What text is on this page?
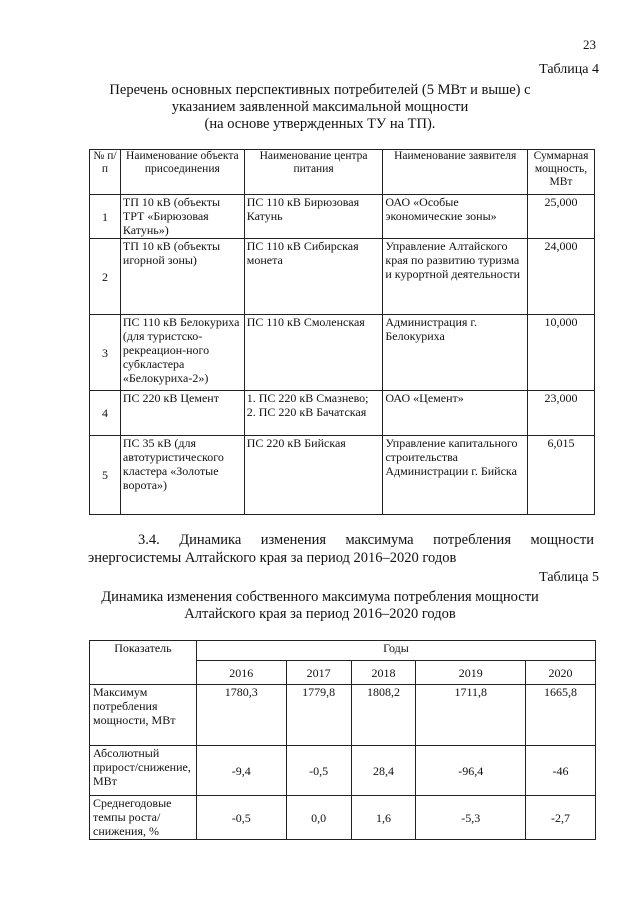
23
Таблица 4
Перечень основных перспективных потребителей (5 МВт и выше) с
указанием заявленной максимальной мощности
(на основе утвержденных ТУ на ТП).
№ п/п	Наименование объекта присоединения	Наименование центра питания	Наименование заявителя	Суммарная мощность, МВт
1	ТП 10 кВ (объекты ТРТ «Бирюзовая Катунь»)	ПС 110 кВ Бирюзовая Катунь	ОАО «Особые экономические зоны»	25,000
2	ТП 10 кВ (объекты игорной зоны)	ПС 110 кВ Сибирская монета	Управление Алтайского края по развитию туризма и курортной деятельности	24,000
3	ПС 110 кВ Белокуриха (для туристско-рекреацион-ного субкластера «Белокуриха-2»)	ПС 110 кВ Смоленская	Администрация г. Белокуриха	10,000
4	ПС 220 кВ Цемент	1. ПС 220 кВ Смазнево; 2. ПС 220 кВ Бачатская	ОАО «Цемент»	23,000
5	ПС 35 кВ (для автотуристического кластера «Золотые ворота»)	ПС 220 кВ Бийская	Управление капитального строительства Администрации г. Бийска	6,015
3.4. Динамика изменения максимума потребления мощности
энергосистемы Алтайского края за период 2016–2020 годов
Таблица 5
Динамика изменения собственного максимума потребления мощности
Алтайского края за период 2016–2020 годов
Показатель	Годы				
	2016	2017	2018	2019	2020
Максимум потребления мощности, МВт	1780,3	1779,8	1808,2	1711,8	1665,8
Абсолютный прирост/снижение, МВт	-9,4	-0,5	28,4	-96,4	-46
Среднегодовые темпы роста/снижения, %	-0,5	0,0	1,6	-5,3	-2,7
